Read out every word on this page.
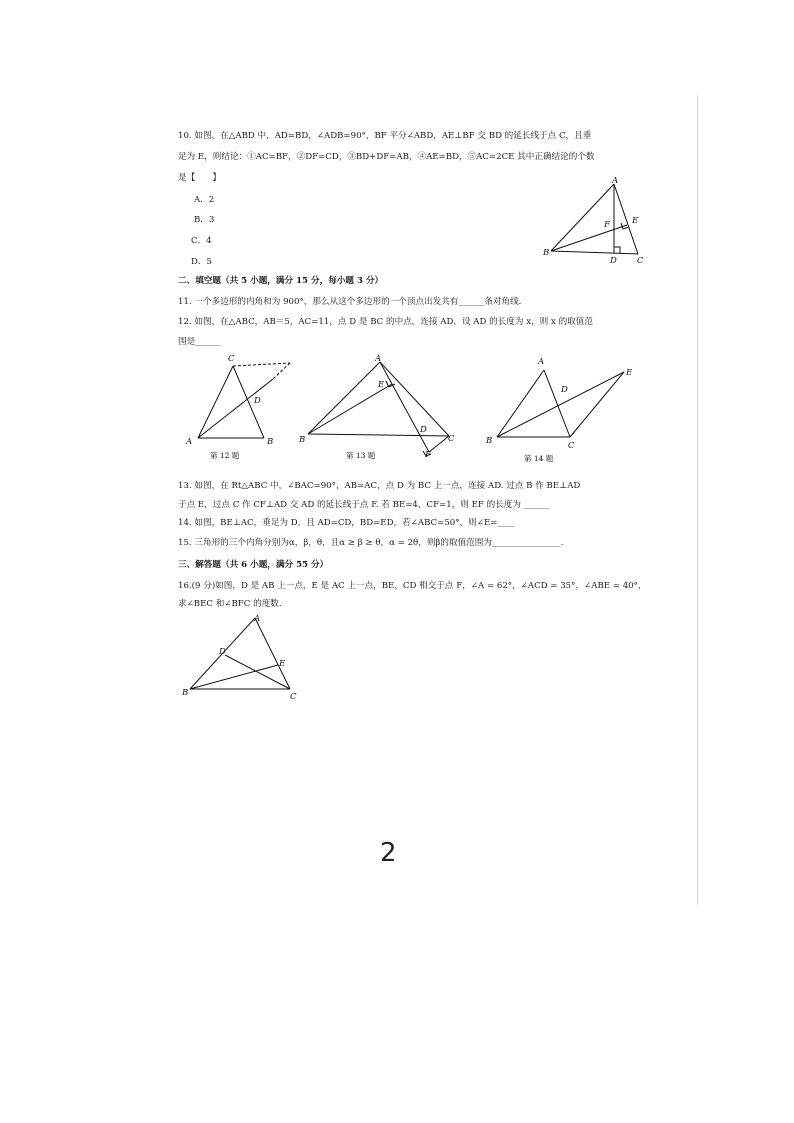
10. 如图，在△ABD 中，AD=BD，∠ADB=90°，BF 平分∠ABD，AE⊥BF 交 BD 的延长线于点 C，且垂
足为 E，则结论：①AC=BF，②DF=CD，③BD+DF=AB，④AE=BD，⑤AC=2CE 其中正确结论的个数
是【　　】
A．2
B．3
C．4
D．5
A
B
C
D
E
F
二、填空题（共 5 小题，满分 15 分，每小题 3 分）
11. 一个多边形的内角和为 900°，那么从这个多边形的一个顶点出发共有______条对角线.
12. 如图，在△ABC，AB＝5，AC=11，点 D 是 BC 的中点，连接 AD，设 AD 的长度为 x，则 x 的取值范
围是______
C
A	B
D
第 12 题
A
B	C
D
E
F
第 13 题
A
B	C
D
E
第 14 题
13. 如图，在 Rt△ABC 中，∠BAC=90°，AB=AC，点 D 为 BC 上一点，连接 AD. 过点 B 作 BE⊥AD
于点 E，过点 C 作 CF⊥AD 交 AD 的延长线于点 F. 若 BE=4，CF=1，则 EF 的长度为 ______
14. 如图，BE⊥AC，垂足为 D，且 AD=CD，BD=ED，若∠ABC=50°，则∠E=____
15. 三角形的三个内角分别为α，β，θ，且α ≥ β ≥ θ，α = 2θ，则β的取值范围为________________.
三、解答题（共 6 小题，满分 55 分）
16.(9 分)如图，D 是 AB 上一点，E 是 AC 上一点，BE，CD 相交于点 F，∠A = 62°，∠ACD = 35°，∠ABE = 40°，
求∠BEC 和∠BFC 的度数.
A
B	C
D
E
2
